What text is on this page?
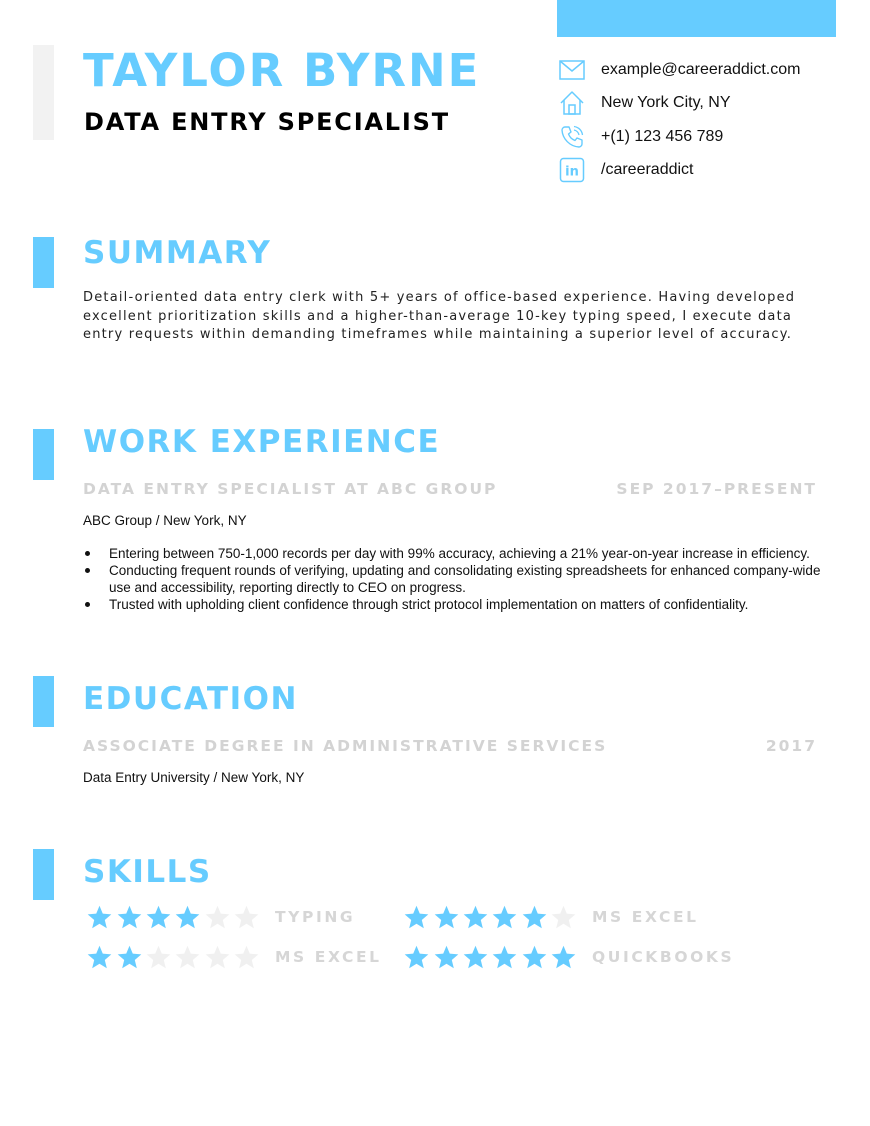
TAYLOR BYRNE
DATA ENTRY SPECIALIST
example@careeraddict.com
New York City, NY
+(1) 123 456 789
in /careeraddict
SUMMARY

Detail-oriented data entry clerk with 5+ years of office-based experience. Having developed excellent prioritization skills and a higher-than-average 10-key typing speed, I execute data entry requests within demanding timeframes while maintaining a superior level of accuracy.

WORK EXPERIENCE
DATA ENTRY SPECIALIST AT ABC GROUP	SEP 2017–PRESENT
ABC Group / New York, NY
Entering between 750-1,000 records per day with 99% accuracy, achieving a 21% year-on-year increase in efficiency.
Conducting frequent rounds of verifying, updating and consolidating existing spreadsheets for enhanced company-wide use and accessibility, reporting directly to CEO on progress.
Trusted with upholding client confidence through strict protocol implementation on matters of confidentiality.
EDUCATION
ASSOCIATE DEGREE IN ADMINISTRATIVE SERVICES	2017
Data Entry University / New York, NY
SKILLS
TYPING	MS EXCEL
MS EXCEL	QUICKBOOKS
